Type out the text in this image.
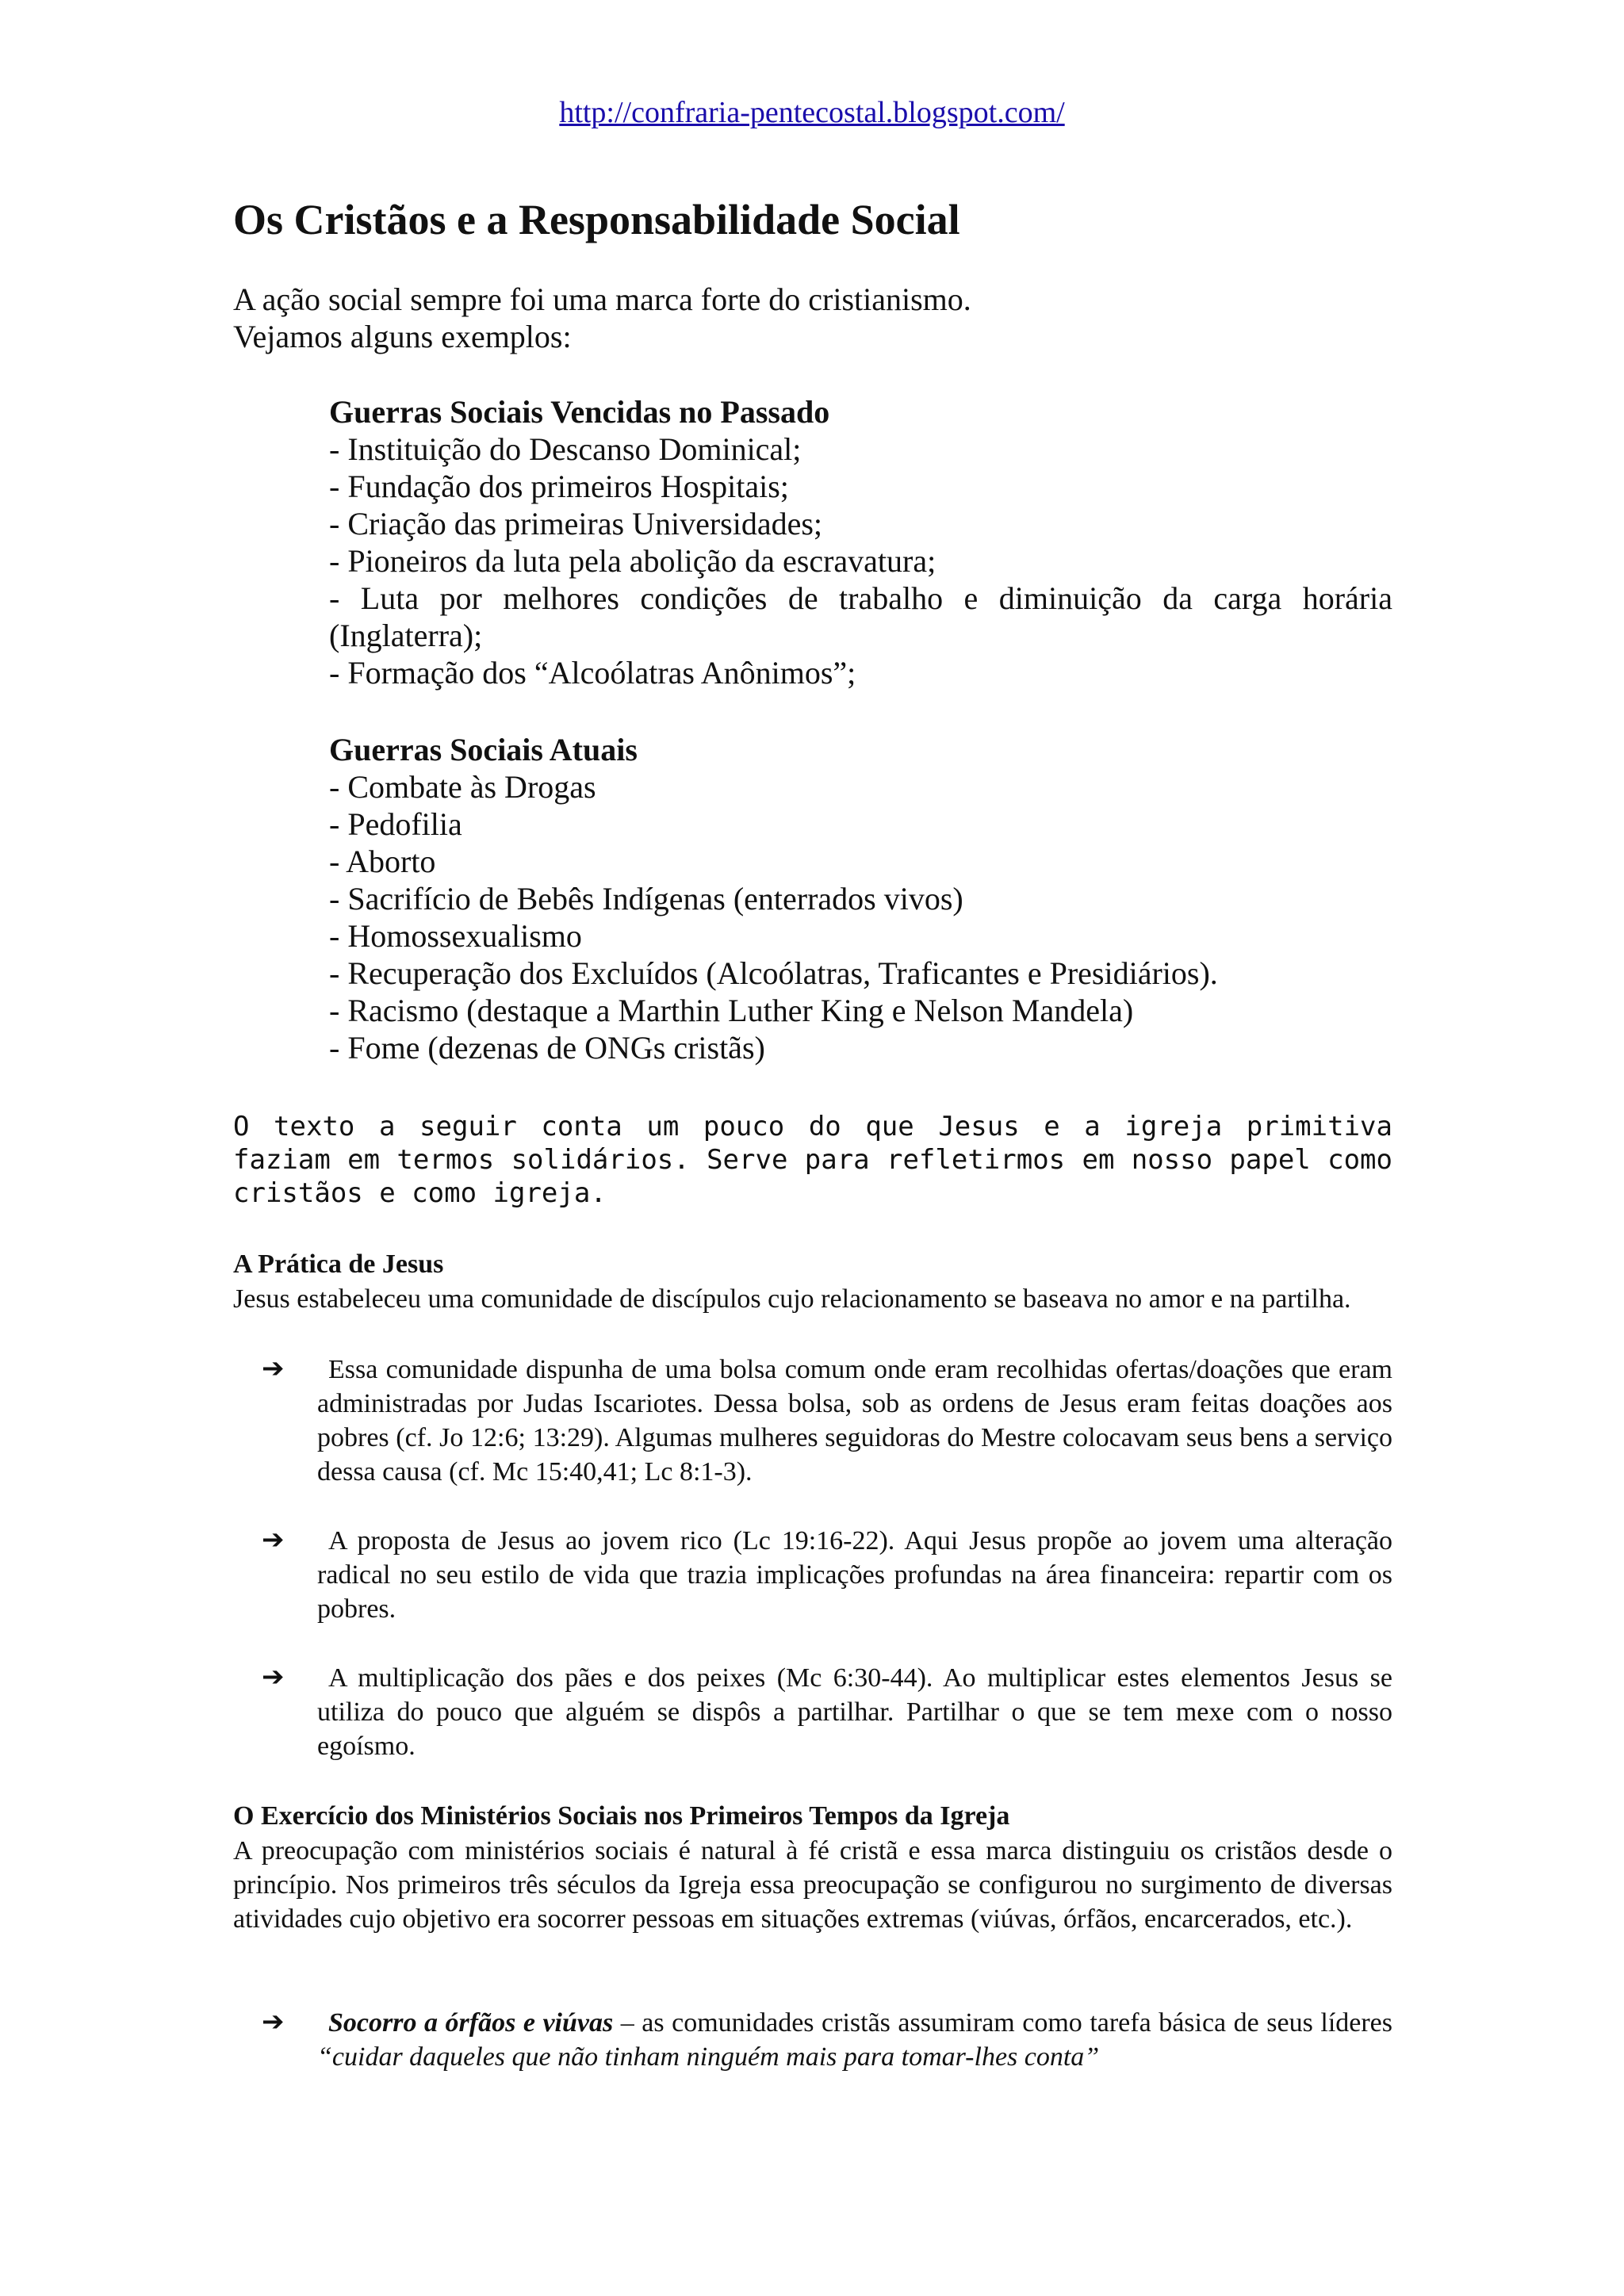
http://confraria-pentecostal.blogspot.com/
Os Cristãos e a Responsabilidade Social
A ação social sempre foi uma marca forte do cristianismo.
Vejamos alguns exemplos:
Guerras Sociais Vencidas no Passado
- Instituição do Descanso Dominical;
- Fundação dos primeiros Hospitais;
- Criação das primeiras Universidades;
- Pioneiros da luta pela abolição da escravatura;
- Luta por melhores condições de trabalho e diminuição da carga horária (Inglaterra);
- Formação dos “Alcoólatras Anônimos”;
Guerras Sociais Atuais
- Combate às Drogas
- Pedofilia
- Aborto
- Sacrifício de Bebês Indígenas (enterrados vivos)
- Homossexualismo
- Recuperação dos Excluídos (Alcoólatras, Traficantes e Presidiários).
- Racismo (destaque a Marthin Luther King e Nelson Mandela)
- Fome (dezenas de ONGs cristãs)
O texto a seguir conta um pouco do que Jesus e a igreja primitiva faziam em termos solidários. Serve para refletirmos em nosso papel como cristãos e como igreja.
A Prática de Jesus
Jesus estabeleceu uma comunidade de discípulos cujo relacionamento se baseava no amor e na partilha.
➔	Essa comunidade dispunha de uma bolsa comum onde eram recolhidas ofertas/doações que eram administradas por Judas Iscariotes. Dessa bolsa, sob as ordens de Jesus eram feitas doações aos pobres (cf. Jo 12:6; 13:29). Algumas mulheres seguidoras do Mestre colocavam seus bens a serviço dessa causa (cf. Mc 15:40,41; Lc 8:1-3).
➔	A proposta de Jesus ao jovem rico (Lc 19:16-22). Aqui Jesus propõe ao jovem uma alteração radical no seu estilo de vida que trazia implicações profundas na área financeira: repartir com os pobres.
➔	A multiplicação dos pães e dos peixes (Mc 6:30-44). Ao multiplicar estes elementos Jesus se utiliza do pouco que alguém se dispôs a partilhar. Partilhar o que se tem mexe com o nosso egoísmo.
O Exercício dos Ministérios Sociais nos Primeiros Tempos da Igreja
A preocupação com ministérios sociais é natural à fé cristã e essa marca distinguiu os cristãos desde o princípio. Nos primeiros três séculos da Igreja essa preocupação se configurou no surgimento de diversas atividades cujo objetivo era socorrer pessoas em situações extremas (viúvas, órfãos, encarcerados, etc.).
➔	Socorro a órfãos e viúvas – as comunidades cristãs assumiram como tarefa básica de seus líderes “cuidar daqueles que não tinham ninguém mais para tomar-lhes conta”
